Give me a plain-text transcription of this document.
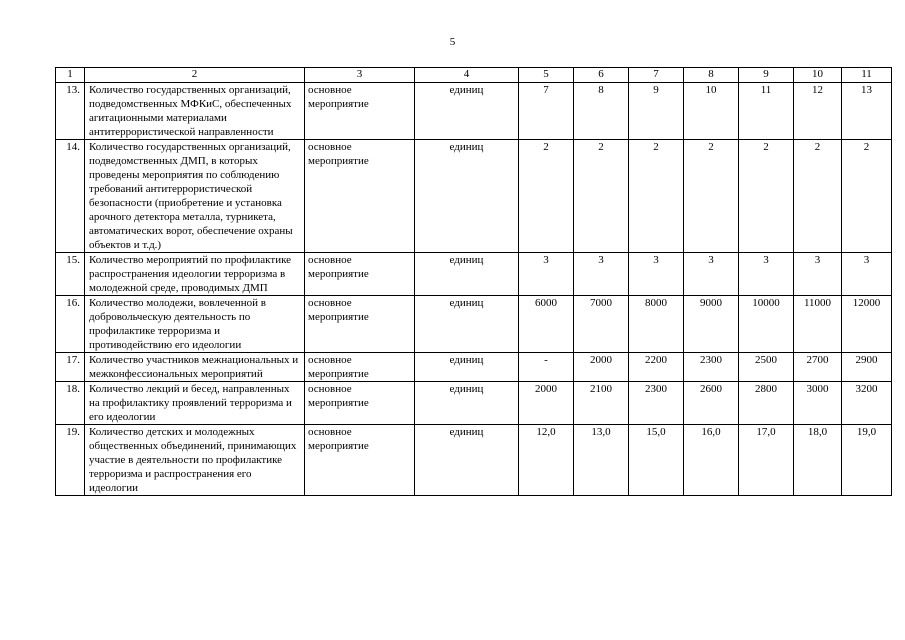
5
1	2	3	4	5	6	7	8	9	10	11
13.	Количество государственных организаций, подведомственных МФКиС, обеспеченных агитационными материалами антитеррористической направленности	основное мероприятие	единиц	7	8	9	10	11	12	13
14.	Количество государственных организаций, подведомственных ДМП, в которых проведены мероприятия по соблюдению требований антитеррористической безопасности (приобретение и установка арочного детектора металла, турникета, автоматических ворот, обеспечение охраны объектов и т.д.)	основное мероприятие	единиц	2	2	2	2	2	2	2
15.	Количество мероприятий по профилактике распространения идеологии терроризма в молодежной среде, проводимых ДМП	основное мероприятие	единиц	3	3	3	3	3	3	3
16.	Количество молодежи, вовлеченной в добровольческую деятельность по профилактике терроризма и противодействию его идеологии	основное мероприятие	единиц	6000	7000	8000	9000	10000	11000	12000
17.	Количество участников межнациональных и межконфессиональных мероприятий	основное мероприятие	единиц	-	2000	2200	2300	2500	2700	2900
18.	Количество лекций и бесед, направленных на профилактику проявлений терроризма и его идеологии	основное мероприятие	единиц	2000	2100	2300	2600	2800	3000	3200
19.	Количество детских и молодежных общественных объединений, принимающих участие в деятельности по профилактике терроризма и распространения его идеологии	основное мероприятие	единиц	12,0	13,0	15,0	16,0	17,0	18,0	19,0
